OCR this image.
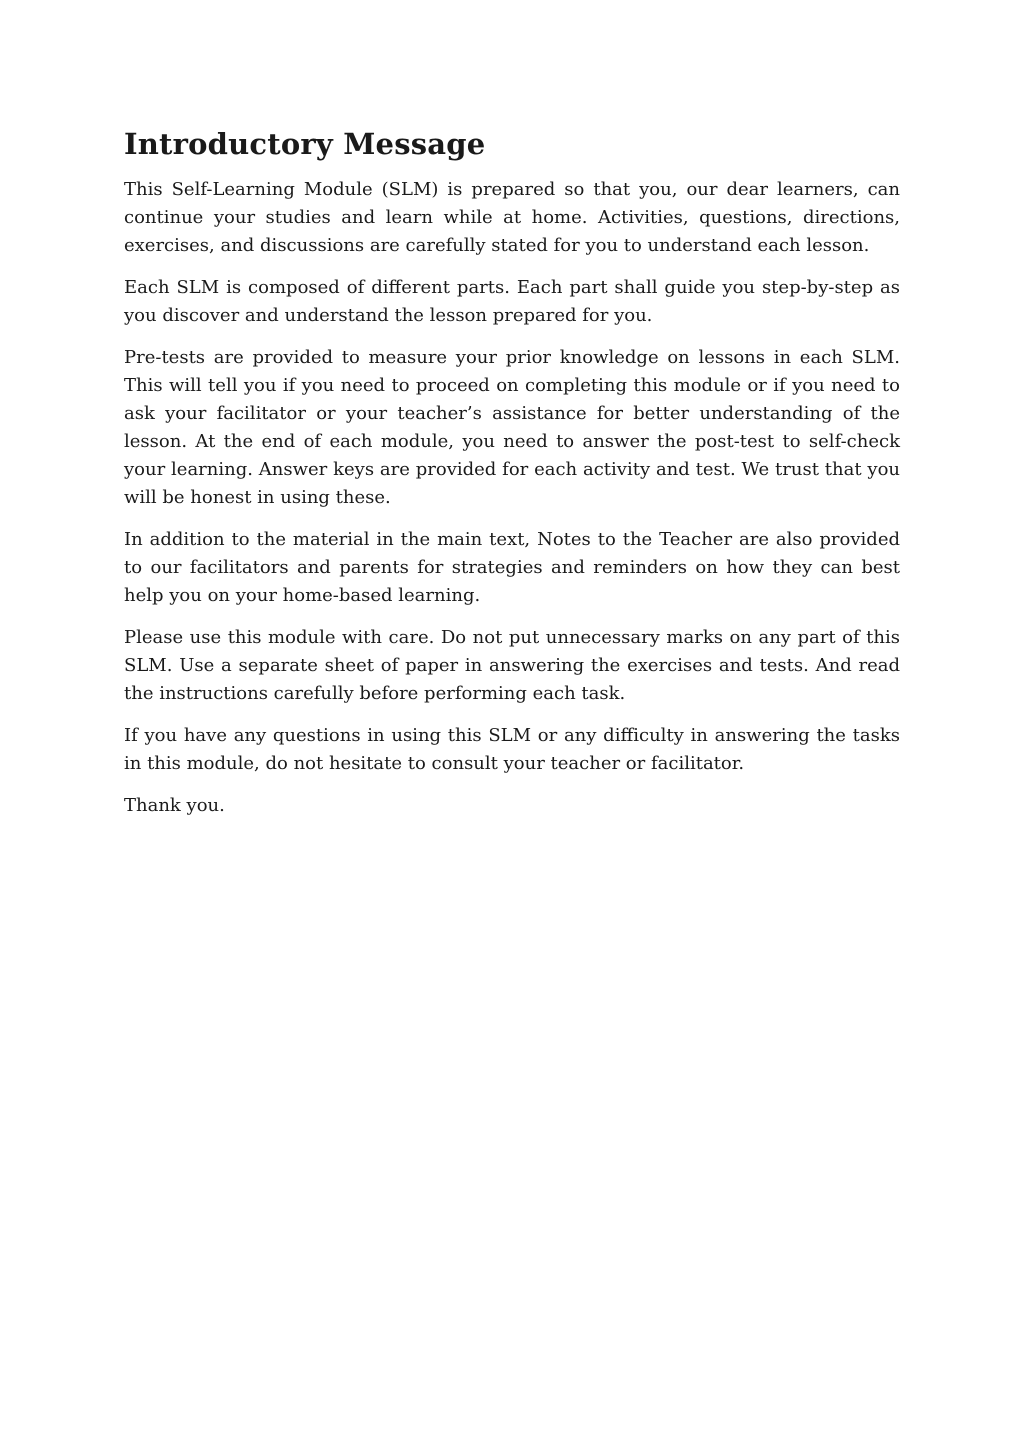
Introductory Message

This Self-Learning Module (SLM) is prepared so that you, our dear learners, can continue your studies and learn while at home. Activities, questions, directions, exercises, and discussions are carefully stated for you to understand each lesson.

Each SLM is composed of different parts. Each part shall guide you step-by-step as you discover and understand the lesson prepared for you.

Pre-tests are provided to measure your prior knowledge on lessons in each SLM. This will tell you if you need to proceed on completing this module or if you need to ask your facilitator or your teacher’s assistance for better understanding of the lesson. At the end of each module, you need to answer the post-test to self-check your learning. Answer keys are provided for each activity and test. We trust that you will be honest in using these.

In addition to the material in the main text, Notes to the Teacher are also provided to our facilitators and parents for strategies and reminders on how they can best help you on your home-based learning.

Please use this module with care. Do not put unnecessary marks on any part of this SLM. Use a separate sheet of paper in answering the exercises and tests. And read the instructions carefully before performing each task.

If you have any questions in using this SLM or any difficulty in answering the tasks in this module, do not hesitate to consult your teacher or facilitator.

Thank you.
